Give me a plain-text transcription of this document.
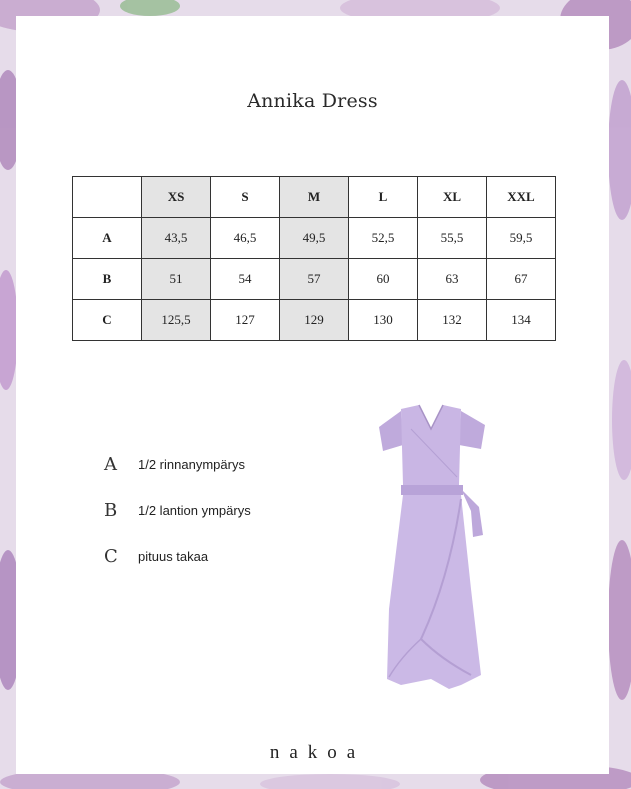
Annika Dress
	XS	S	M	L	XL	XXL
A	43,5	46,5	49,5	52,5	55,5	59,5
B	51	54	57	60	63	67
C	125,5	127	129	130	132	134
A	1/2 rinnanympärys
B	1/2 lantion ympärys
C	pituus takaa
nakoa
